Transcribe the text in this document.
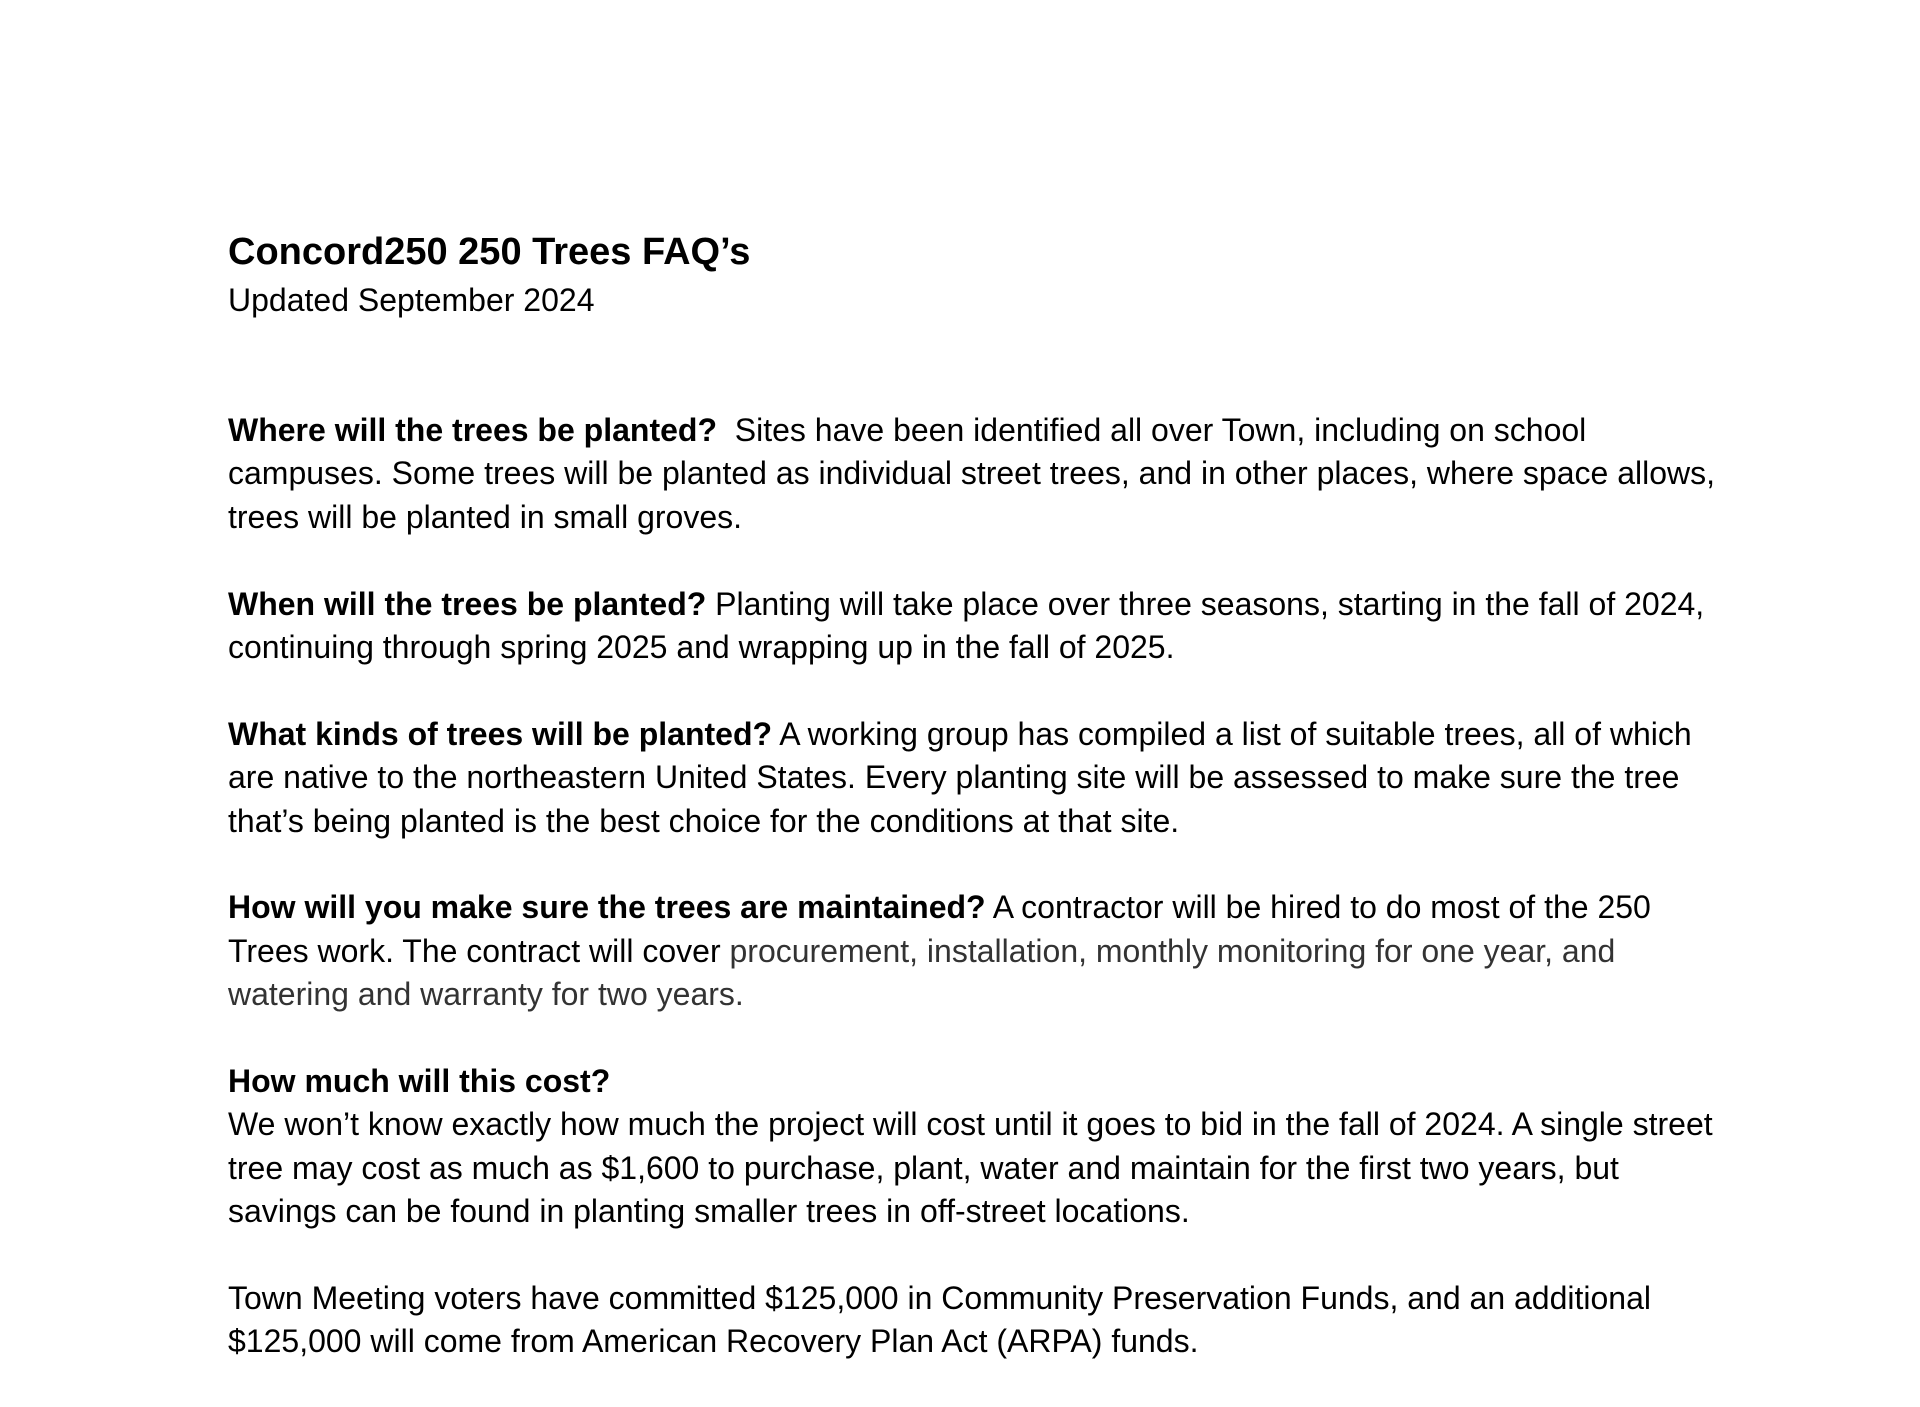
Concord250 250 Trees FAQ’s

Updated September 2024

Where will the trees be planted? Sites have been identified all over Town, including on school campuses. Some trees will be planted as individual street trees, and in other places, where space allows, trees will be planted in small groves.

When will the trees be planted? Planting will take place over three seasons, starting in the fall of 2024, continuing through spring 2025 and wrapping up in the fall of 2025.

What kinds of trees will be planted? A working group has compiled a list of suitable trees, all of which are native to the northeastern United States. Every planting site will be assessed to make sure the tree that’s being planted is the best choice for the conditions at that site.

How will you make sure the trees are maintained? A contractor will be hired to do most of the 250 Trees work. The contract will cover procurement, installation, monthly monitoring for one year, and watering and warranty for two years.

How much will this cost?
We won’t know exactly how much the project will cost until it goes to bid in the fall of 2024. A single street tree may cost as much as $1,600 to purchase, plant, water and maintain for the first two years, but savings can be found in planting smaller trees in off-street locations.

Town Meeting voters have committed $125,000 in Community Preservation Funds, and an additional $125,000 will come from American Recovery Plan Act (ARPA) funds.
